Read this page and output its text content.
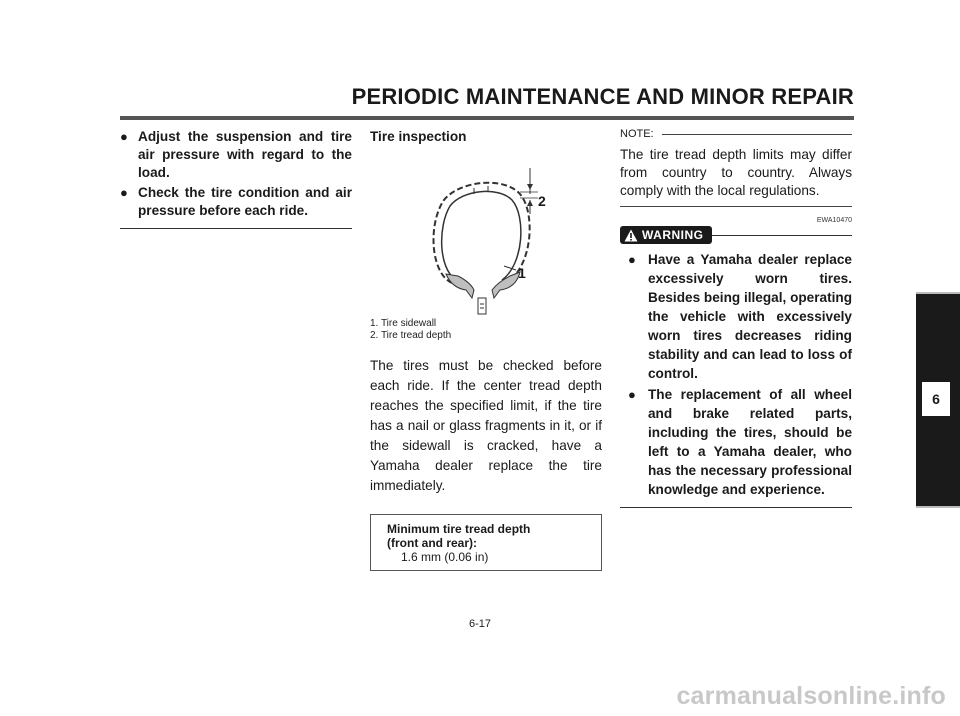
PERIODIC MAINTENANCE AND MINOR REPAIR
● Adjust the suspension and tire air pressure with regard to the load.
● Check the tire condition and air pressure before each ride.

Tire inspection

2
1
1. Tire sidewall
2. Tire tread depth

The tires must be checked before each ride. If the center tread depth reaches the specified limit, if the tire has a nail or glass fragments in it, or if the sidewall is cracked, have a Yamaha dealer replace the tire immediately.

Minimum tire tread depth
(front and rear):
1.6 mm (0.06 in)
NOTE:

The tire tread depth limits may differ from country to country. Always comply with the local regulations.

EWA10470
WARNING
● Have a Yamaha dealer replace excessively worn tires. Besides being illegal, operating the vehicle with excessively worn tires decreases riding stability and can lead to loss of control.
● The replacement of all wheel and brake related parts, including the tires, should be left to a Yamaha dealer, who has the necessary professional knowledge and experience.
6
6-17
carmanualsonline.info
